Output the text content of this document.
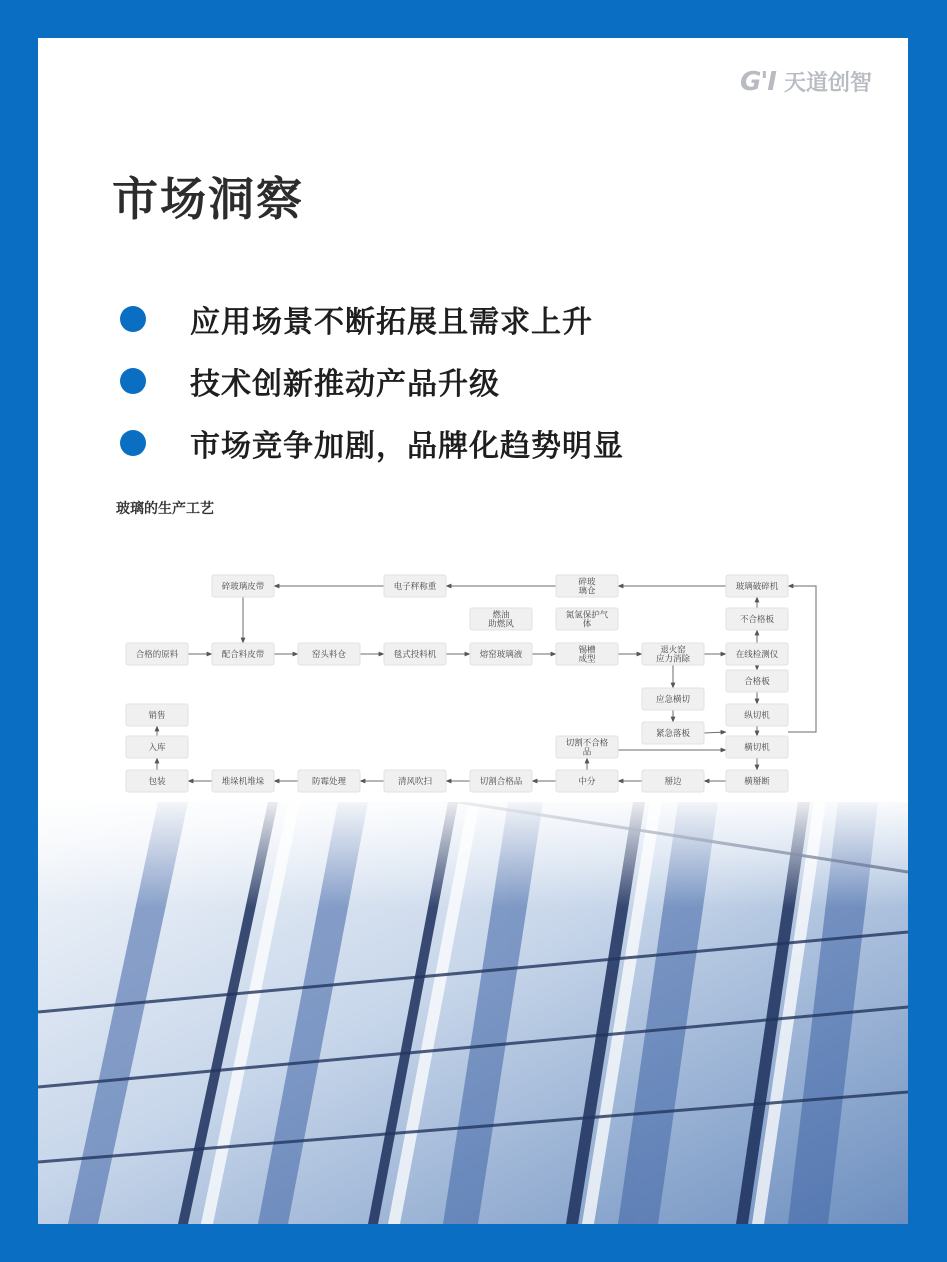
G'I 天道创智
市场洞察
应用场景不断拓展且需求上升
技术创新推动产品升级
市场竞争加剧，品牌化趋势明显
合格的原料	配合料皮带	窑头料仓	毯式投料机	熔窑玻璃液	锡槽
成型
退火窑
应力消除	在线检测仪
合格板
纵切机
横切机
横掰断
掰边
中分
切割合格品
清风吹扫
防霉处理
堆垛机堆垛
包装
入库
销售
不合格板
玻璃破碎机
碎玻
璃仓
电子秤称重
碎玻璃皮带
燃油
助燃风
氮氢保护气
体
应急横切
紧急落板
切割不合格
品
玻璃的生产工艺
